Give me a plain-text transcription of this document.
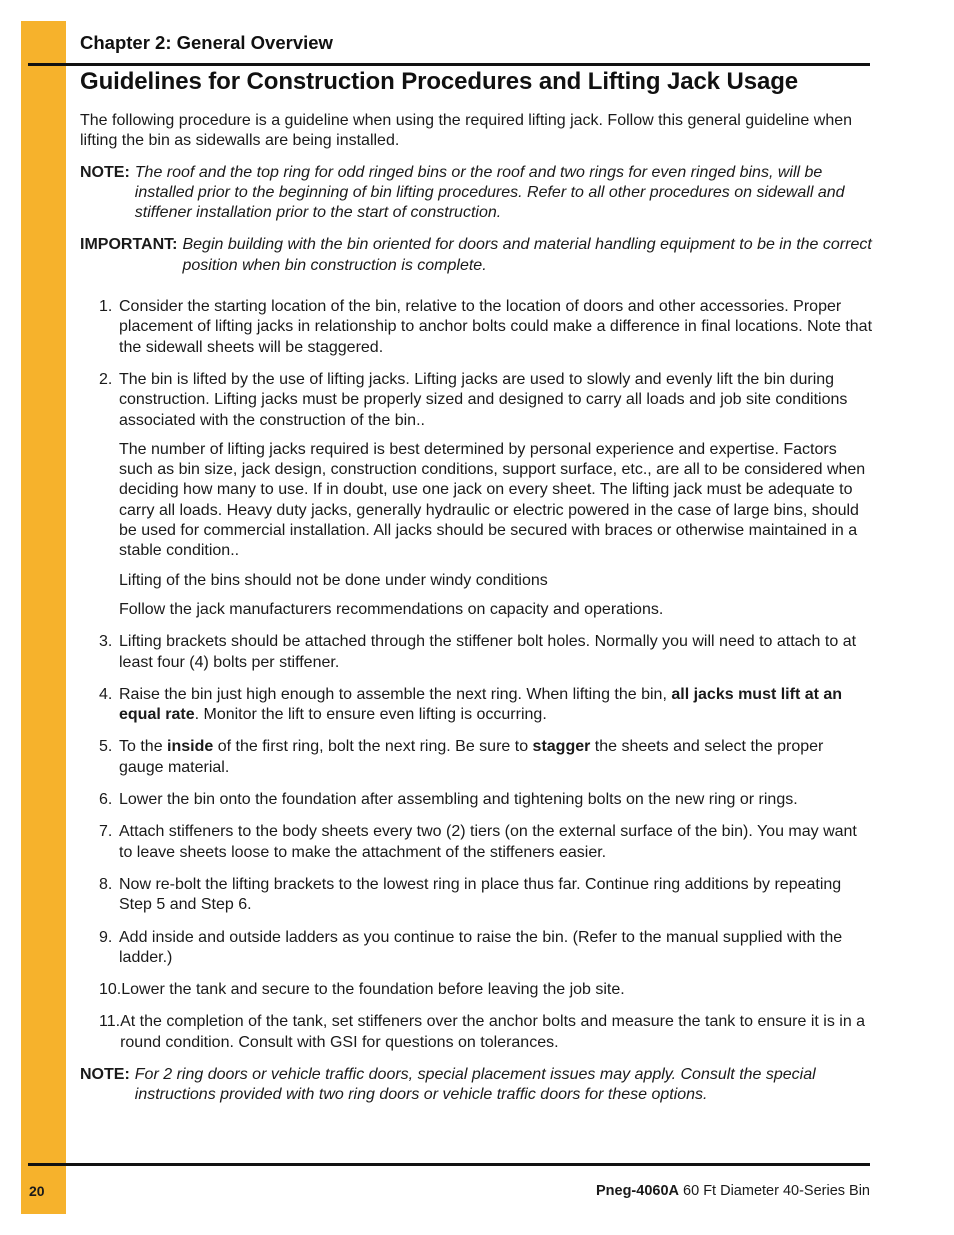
Chapter 2: General Overview
Guidelines for Construction Procedures and Lifting Jack Usage

The following procedure is a guideline when using the required lifting jack. Follow this general guideline when lifting the bin as sidewalls are being installed.

NOTE: The roof and the top ring for odd ringed bins or the roof and two rings for even ringed bins, will be installed prior to the beginning of bin lifting procedures. Refer to all other procedures on sidewall and stiffener installation prior to the start of construction.
IMPORTANT: Begin building with the bin oriented for doors and material handling equipment to be in the correct position when bin construction is complete.
1. Consider the starting location of the bin, relative to the location of doors and other accessories. Proper placement of lifting jacks in relationship to anchor bolts could make a difference in final locations. Note that the sidewall sheets will be staggered.

2. The bin is lifted by the use of lifting jacks. Lifting jacks are used to slowly and evenly lift the bin during construction. Lifting jacks must be properly sized and designed to carry all loads and job site conditions associated with the construction of the bin..

The number of lifting jacks required is best determined by personal experience and expertise. Factors such as bin size, jack design, construction conditions, support surface, etc., are all to be considered when deciding how many to use. If in doubt, use one jack on every sheet. The lifting jack must be adequate to carry all loads. Heavy duty jacks, generally hydraulic or electric powered in the case of large bins, should be used for commercial installation. All jacks should be secured with braces or otherwise maintained in a stable condition..

Lifting of the bins should not be done under windy conditions

Follow the jack manufacturers recommendations on capacity and operations.

3. Lifting brackets should be attached through the stiffener bolt holes. Normally you will need to attach to at least four (4) bolts per stiffener.

4. Raise the bin just high enough to assemble the next ring. When lifting the bin, all jacks must lift at an equal rate. Monitor the lift to ensure even lifting is occurring.

5. To the inside of the first ring, bolt the next ring. Be sure to stagger the sheets and select the proper gauge material.

6. Lower the bin onto the foundation after assembling and tightening bolts on the new ring or rings.

7. Attach stiffeners to the body sheets every two (2) tiers (on the external surface of the bin). You may want to leave sheets loose to make the attachment of the stiffeners easier.

8. Now re-bolt the lifting brackets to the lowest ring in place thus far. Continue ring additions by repeating Step 5 and Step 6.

9. Add inside and outside ladders as you continue to raise the bin. (Refer to the manual supplied with the ladder.)

10. Lower the tank and secure to the foundation before leaving the job site.

11. At the completion of the tank, set stiffeners over the anchor bolts and measure the tank to ensure it is in a round condition. Consult with GSI for questions on tolerances.

NOTE: For 2 ring doors or vehicle traffic doors, special placement issues may apply. Consult the special instructions provided with two ring doors or vehicle traffic doors for these options.
20	Pneg-4060A 60 Ft Diameter 40-Series Bin
